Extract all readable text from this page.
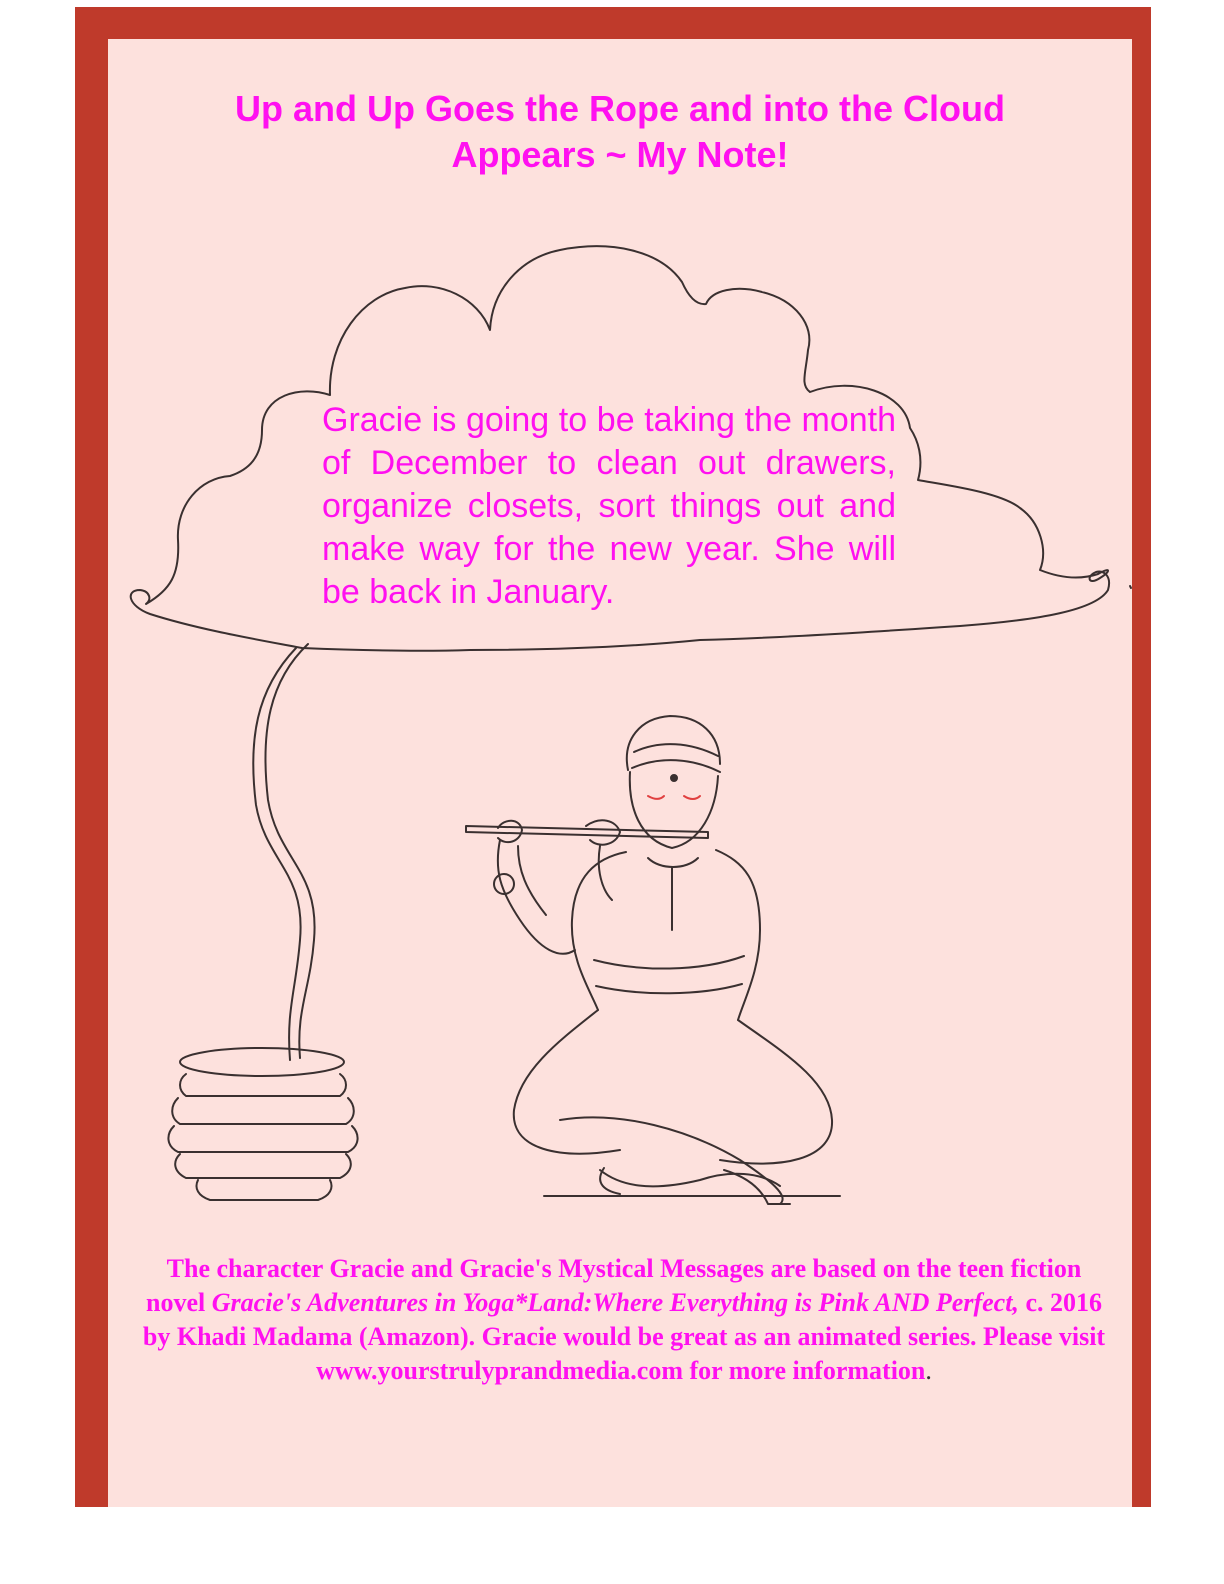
Up and Up Goes the Rope and into the Cloud
Appears ~ My Note!

Gracie is going to be taking the month of December to clean out drawers, organize closets, sort things out and make way for the new year. She will be back in January.

The character Gracie and Gracie's Mystical Messages are based on the teen fiction novel Gracie's Adventures in Yoga*Land:Where Everything is Pink AND Perfect, c. 2016 by Khadi Madama (Amazon). Gracie would be great as an animated series. Please visit www.yourstrulyprandmedia.com for more information.
